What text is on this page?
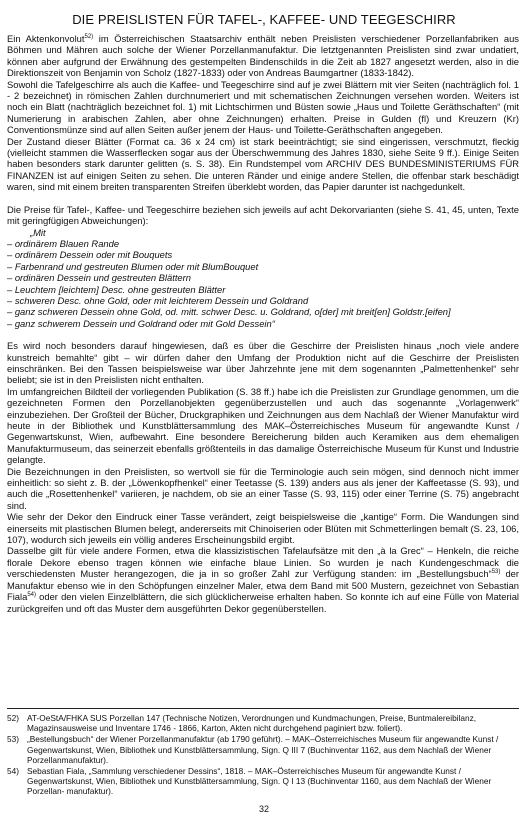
DIE PREISLISTEN FÜR TAFEL-, KAFFEE- UND TEEGESCHIRR

Ein Aktenkonvolut$^{52)}$ im Österreichischen Staatsarchiv enthält neben Preislisten verschiedener Porzellanfabriken aus Böhmen und Mähren auch solche der Wiener Porzellanmanufaktur. Die letztgenannten Preislisten sind zwar undatiert, können aber aufgrund der Erwähnung des gestempelten Bindenschilds in die Zeit ab 1827 angesetzt werden, also in die Direktionszeit von Benjamin von Scholz (1827-1833) oder von Andreas Baumgartner (1833-1842).

Sowohl die Tafelgeschirre als auch die Kaffee- und Teegeschirre sind auf je zwei Blättern mit vier Seiten (nachträglich fol. 1 - 2 bezeichnet) in römischen Zahlen durchnumeriert und mit schematischen Zeichnungen versehen worden. Weiters ist noch ein Blatt (nachträglich bezeichnet fol. 1) mit Lichtschirmen und Büsten sowie „Haus und Toilette Geräthschaften“ (mit Numerierung in arabischen Zahlen, aber ohne Zeichnungen) erhalten. Preise in Gulden (fl) und Kreuzern (Kr) Conventionsmünze sind auf allen Seiten außer jenem der Haus- und Toilette-Geräthschaften angegeben.

Der Zustand dieser Blätter (Format ca. 36 x 24 cm) ist stark beeinträchtigt; sie sind eingerissen, verschmutzt, fleckig (vielleicht stammen die Wasserflecken sogar aus der Überschwemmung des Jahres 1830, siehe Seite 9 ff.). Einige Seiten haben besonders stark darunter gelitten (s. S. 38). Ein Rundstempel vom ARCHIV DES BUNDESMINISTERIUMS FÜR FINANZEN ist auf einigen Seiten zu sehen. Die unteren Ränder und einige andere Stellen, die offenbar stark beschädigt waren, sind mit einem breiten transparenten Streifen überklebt worden, das Papier darunter ist nachgedunkelt.

Die Preise für Tafel-, Kaffee- und Teegeschirre beziehen sich jeweils auf acht Dekorvarianten (siehe S. 41, 45, unten, Texte mit geringfügigen Abweichungen):

„Mit
– ordinärem Blauen Rande
– ordinärem Dessein oder mit Bouquets
– Farbenrand und gestreuten Blumen oder mit BlumBouquet
– ordinären Dessein und gestreuten Blättern
– Leuchtem [leichtem] Desс. ohne gestreuten Blätter
– schweren Desс. ohne Gold, oder mit leichterem Dessein und Goldrand
– ganz schweren Dessein ohne Gold, od. mitt. schwer Desс. u. Goldrand, o[der] mit breit[en] Goldstr.[eifen]
– ganz schwerem Dessein und Goldrand oder mit Gold Dessein“

Es wird noch besonders darauf hingewiesen, daß es über die Geschirre der Preislisten hinaus „noch viele andere kunstreich bemahlte“ gibt – wir dürfen daher den Umfang der Produktion nicht auf die Geschirre der Preislisten einschränken. Bei den Tassen beispielsweise war über Jahrzehnte jene mit dem sogenannten „Palmettenhenkel“ sehr beliebt; sie ist in den Preislisten nicht enthalten.

Im umfangreichen Bildteil der vorliegenden Publikation (S. 38 ff.) habe ich die Preislisten zur Grundlage genommen, um die gezeichneten Formen den Porzellanobjekten gegenüberzustellen und auch das sogenannte „Vorlagenwerk“ einzubeziehen. Der Großteil der Bücher, Druckgraphiken und Zeichnungen aus dem Nachlaß der Wiener Manufaktur wird heute in der Bibliothek und Kunstblättersammlung des MAK–Österreichisches Museum für angewandte Kunst / Gegenwartskunst, Wien, aufbewahrt. Eine besondere Bereicherung bilden auch Keramiken aus dem ehemaligen Manufakturmuseum, das seinerzeit ebenfalls größtenteils in das damalige Österreichische Museum für Kunst und Industrie gelangte.

Die Bezeichnungen in den Preislisten, so wertvoll sie für die Terminologie auch sein mögen, sind dennoch nicht immer einheitlich: so sieht z. B. der „Löwenkopfhenkel“ einer Teetasse (S. 139) anders aus als jener der Kaffeetasse (S. 93), und auch die „Rosettenhenkel“ variieren, je nachdem, ob sie an einer Tasse (S. 93, 115) oder einer Terrine (S. 75) angebracht sind.

Wie sehr der Dekor den Eindruck einer Tasse verändert, zeigt beispielsweise die „kantige“ Form. Die Wandungen sind einerseits mit plastischen Blumen belegt, andererseits mit Chinoiserien oder Blüten mit Schmetterlingen bemalt (S. 23, 106, 107), wodurch sich jeweils ein völlig anderes Erscheinungsbild ergibt.

Dasselbe gilt für viele andere Formen, etwa die klassizistischen Tafelaufsätze mit den „à la Grec“ – Henkeln, die reiche florale Dekore ebenso tragen können wie einfache blaue Linien. So wurden je nach Kundengeschmack die verschiedensten Muster herangezogen, die ja in so großer Zahl zur Verfügung standen: im „Bestellungsbuch“$^{53)}$ der Manufaktur ebenso wie in den Schöpfungen einzelner Maler, etwa dem Band mit 500 Mustern, gezeichnet von Sebastian Fiala$^{54)}$ oder den vielen Einzelblättern, die sich glücklicherweise erhalten haben. So konnte ich auf eine Fülle von Material zurückgreifen und oft das Muster dem ausgeführten Dekor gegenüberstellen.

52) AT-OeStA/FHKA SUS Porzellan 147 (Technische Notizen, Verordnungen und Kundmachungen, Preise, Buntmalereibilanz, Magazinsausweise und Inventare 1746 - 1866, Karton, Akten nicht durchgehend paginiert bzw. foliert).
53) „Bestellungsbuch“ der Wiener Porzellanmanufaktur (ab 1790 geführt). – MAK–Österreichisches Museum für angewandte Kunst / Gegenwartskunst, Wien, Bibliothek und Kunstblättersammlung, Sign. Q III 7 (Buchinventar 1162, aus dem Nachlaß der Wiener Porzellanmanufaktur).
54) Sebastian Fiala, „Sammlung verschiedener Dessins“, 1818. – MAK–Österreichisches Museum für angewandte Kunst / Gegenwartskunst, Wien, Bibliothek und Kunstblättersammlung, Sign. Q I 13 (Buchinventar 1160, aus dem Nachlaß der Wiener Porzellan- manufaktur).
32
